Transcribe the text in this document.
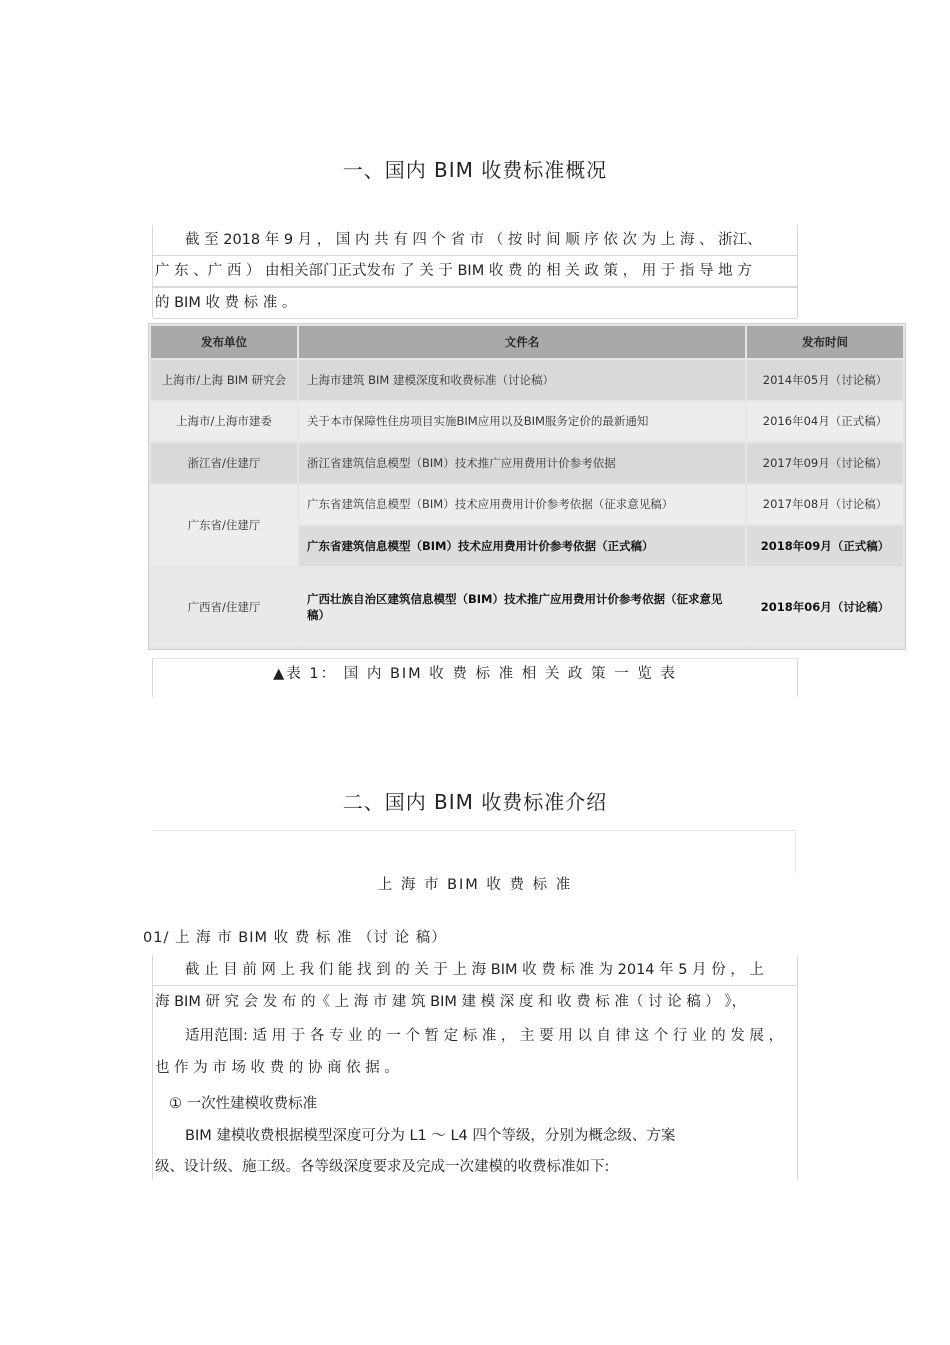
一、国内 BIM 收费标准概况
截 至 2018 年 9 月 ， 国 内 共 有 四 个 省 市 （ 按 时 间 顺 序 依 次 为 上 海 、 浙江、
广 东 、广 西 ） 由相关部门正式发布 了 关 于 BIM 收 费 的 相 关 政 策 ， 用 于 指 导 地 方
的 BIM 收 费 标 准 。
发布单位	文件名	发布时间
上海市/上海 BIM 研究会	上海市建筑 BIM 建模深度和收费标准（讨论稿）	2014年05月（讨论稿）
上海市/上海市建委	关于本市保障性住房项目实施BIM应用以及BIM服务定价的最新通知	2016年04月（正式稿）
浙江省/住建厅	浙江省建筑信息模型（BIM）技术推广应用费用计价参考依据	2017年09月（讨论稿）
广东省/住建厅	广东省建筑信息模型（BIM）技术应用费用计价参考依据（征求意见稿）	2017年08月（讨论稿）
	广东省建筑信息模型（BIM）技术应用费用计价参考依据（正式稿）	2018年09月（正式稿）
广西省/住建厅	广西壮族自治区建筑信息模型（BIM）技术推广应用费用计价参考依据（征求意见稿）	2018年06月（讨论稿）
▲表 1： 国 内 BIM 收 费 标 准 相 关 政 策 一 览 表
二、国内 BIM 收费标准介绍
上 海 市 BIM 收 费 标 准
01/ 上 海 市 BIM 收 费 标 准 （讨 论 稿）
截 止 目 前 网 上 我 们 能 找 到 的 关 于 上 海 BIM 收 费 标 准 为 2014 年 5 月 份 ， 上
海 BIM 研 究 会 发 布 的《 上 海 市 建 筑 BIM 建 模 深 度 和 收 费 标 准（ 讨 论 稿 ） 》，
适用范围: 适 用 于 各 专 业 的 一 个 暂 定 标 准 ， 主 要 用 以 自 律 这 个 行 业 的 发 展 ，
也 作 为 市 场 收 费 的 协 商 依 据 。
① 一次性建模收费标准
BIM 建模收费根据模型深度可分为 L1 ～ L4 四个等级，分别为概念级、方案
级、设计级、施工级。各等级深度要求及完成一次建模的收费标准如下:
